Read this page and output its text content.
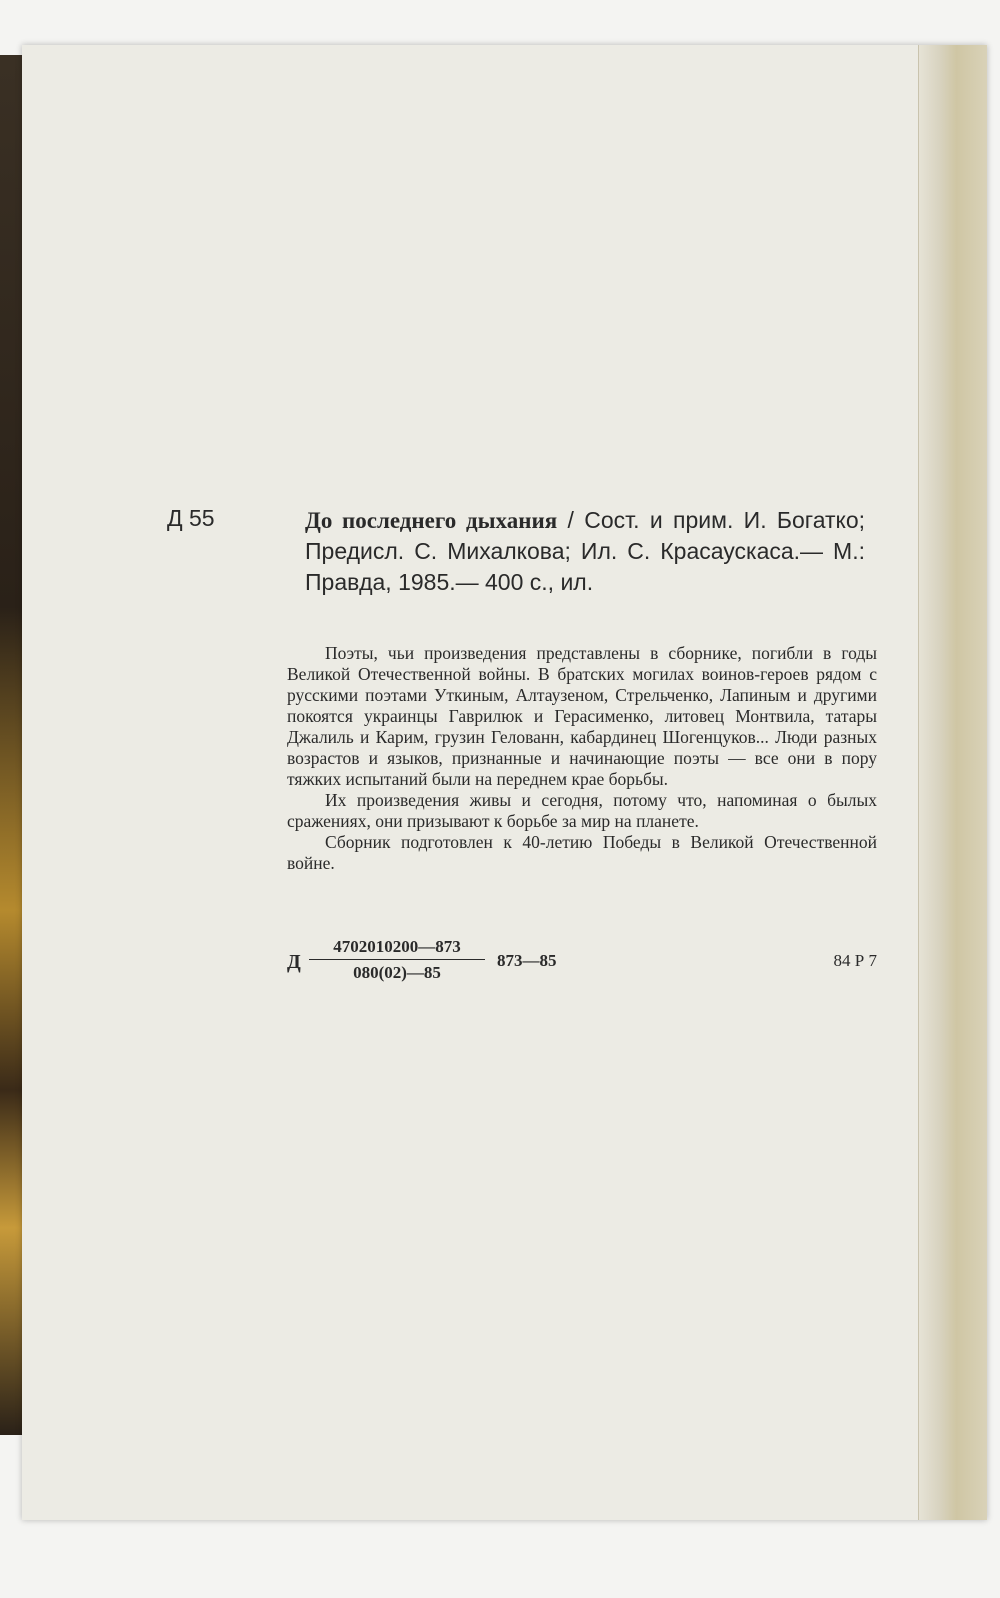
Д 55	До последнего дыхания / Сост. и прим. И. Богатко; Предисл. С. Михалкова; Ил. С. Красаускаса.— М.: Правда, 1985.— 400 с., ил.

Поэты, чьи произведения представлены в сборнике, погибли в годы Великой Отечественной войны. В братских могилах воинов-героев рядом с русскими поэтами Уткиным, Алтаузеном, Стрельченко, Лапиным и другими покоятся украинцы Гаврилюк и Герасименко, литовец Монтвила, татары Джалиль и Карим, грузин Гелованн, кабардинец Шогенцуков... Люди разных возрастов и языков, признанные и начинающие поэты — все они в пору тяжких испытаний были на переднем крае борьбы.

Их произведения живы и сегодня, потому что, напоминая о былых сражениях, они призывают к борьбе за мир на планете.

Сборник подготовлен к 40-летию Победы в Великой Отечественной войне.

Д
4702010200—873
080(02)—85
873—85	84 Р 7
